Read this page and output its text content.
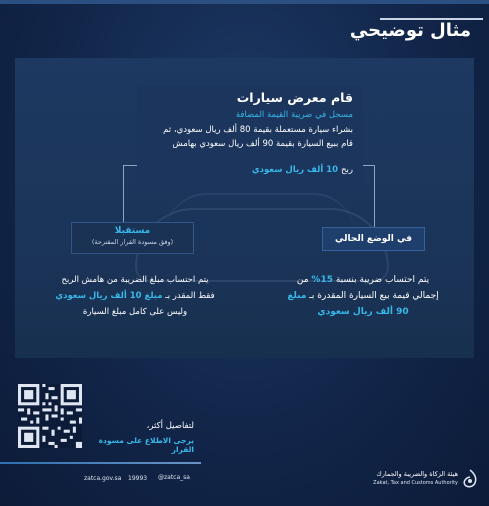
مثال توضيحي
قام معرض سيارات
مسجل في ضريبة القيمة المضافة
بشراء سيارة مستعملة بقيمة 80 ألف ريال سعودي، ثم
قام ببيع السيارة بقيمة 90 ألف ريال سعودي بهامش
ربح 10 ألف ريال سعودي
في الوضع الحالي
مستقبلا
(وفق مسودة القرار المقترحة)
يتم احتساب ضريبة بنسبة 15% من
إجمالي قيمة بيع السيارة المقدرة بـ مبلغ
90 ألف ريال سعودي
يتم احتساب مبلغ الضريبة من هامش الربح
فقط المقدر بـ مبلغ 10 ألف ريال سعودي
وليس على كامل مبلغ السيارة
لتفاصيل أكثر،
يرجى الاطلاع على مسودة القرار
zatca.gov.sa 19993 @zatca_sa	هيئة الزكاة والضريبة والجمارك
Zakat, Tax and Customs Authority
